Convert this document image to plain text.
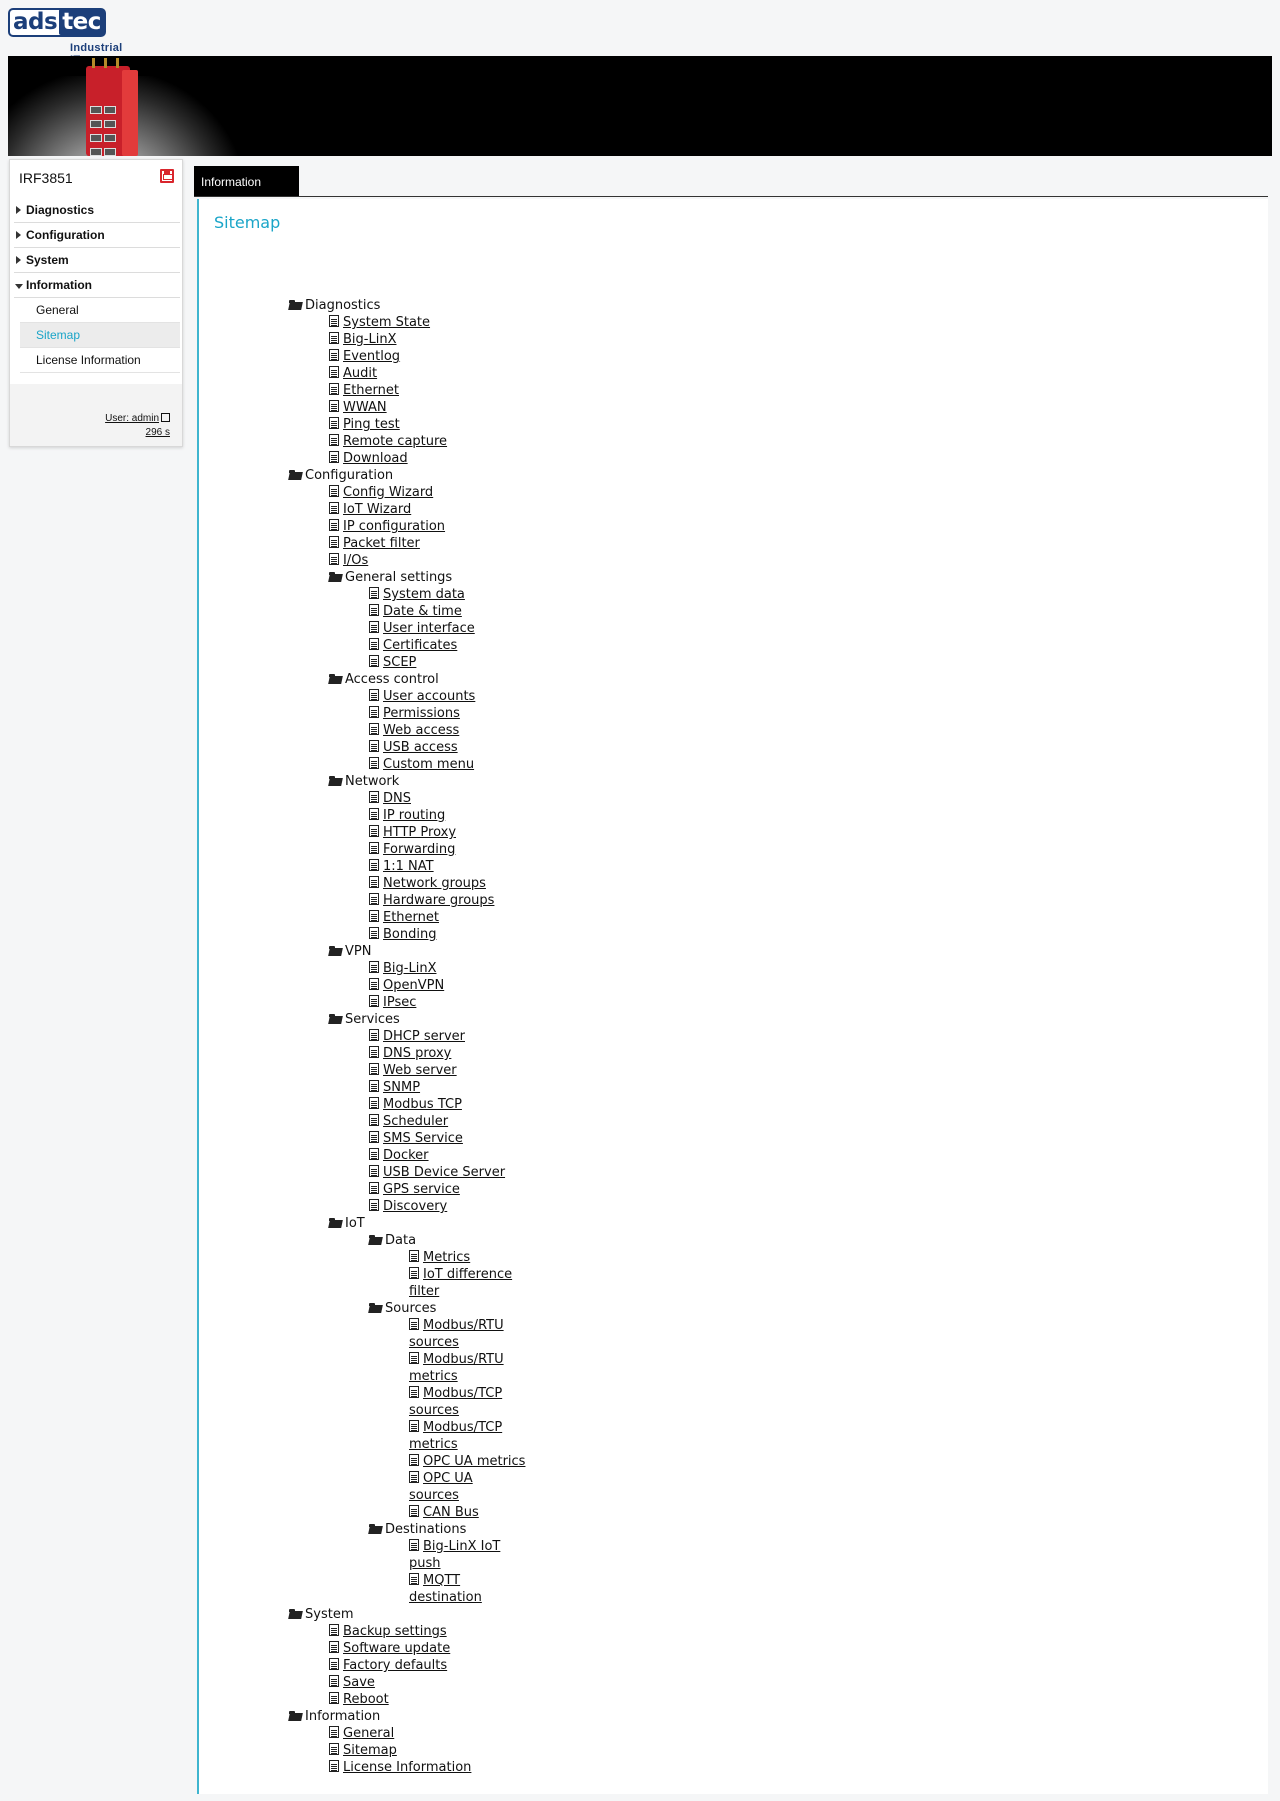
ads tec
Industrial
IRF3851
Diagnostics
Configuration
System
Information
General
Sitemap
License Information
User: admin
296 s
Information
Sitemap
Diagnostics
System State
Big-LinX
Eventlog
Audit
Ethernet
WWAN
Ping test
Remote capture
Download
Configuration
Config Wizard
IoT Wizard
IP configuration
Packet filter
I/Os
General settings
System data
Date & time
User interface
Certificates
SCEP
Access control
User accounts
Permissions
Web access
USB access
Custom menu
Network
DNS
IP routing
HTTP Proxy
Forwarding
1:1 NAT
Network groups
Hardware groups
Ethernet
Bonding
VPN
Big-LinX
OpenVPN
IPsec
Services
DHCP server
DNS proxy
Web server
SNMP
Modbus TCP
Scheduler
SMS Service
Docker
USB Device Server
GPS service
Discovery
IoT
Data
Metrics
IoT difference
filter
Sources
Modbus/RTU
sources
Modbus/RTU
metrics
Modbus/TCP
sources
Modbus/TCP
metrics
OPC UA metrics
OPC UA
sources
CAN Bus
Destinations
Big-LinX IoT
push
MQTT
destination
System
Backup settings
Software update
Factory defaults
Save
Reboot
Information
General
Sitemap
License Information
